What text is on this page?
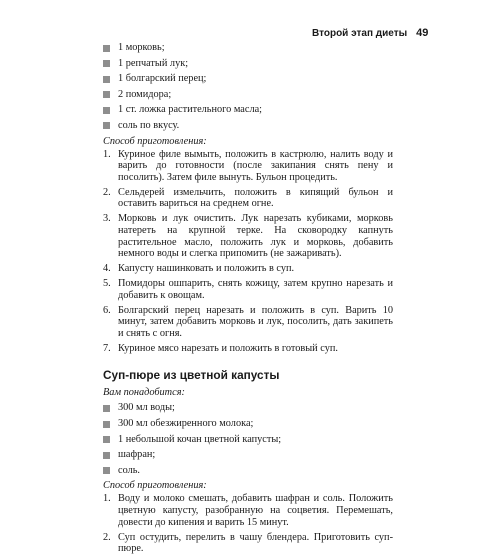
Второй этап диеты 49
1 морковь;
1 репчатый лук;
1 болгарский перец;
2 помидора;
1 ст. ложка растительного масла;
соль по вкусу.
Способ приготовления:
1. Куриное филе вымыть, положить в кастрюлю, налить воду и варить до готовности (после закипания снять пену и посолить). Затем филе вынуть. Бульон процедить.
2. Сельдерей измельчить, положить в кипящий бульон и оставить вариться на среднем огне.
3. Морковь и лук очистить. Лук нарезать кубиками, морковь натереть на крупной терке. На сковородку капнуть растительное масло, положить лук и морковь, добавить немного воды и слегка припомить (не зажаривать).
4. Капусту нашинковать и положить в суп.
5. Помидоры ошпарить, снять кожицу, затем крупно нарезать и добавить к овощам.
6. Болгарский перец нарезать и положить в суп. Варить 10 минут, затем добавить морковь и лук, посолить, дать закипеть и снять с огня.
7. Куриное мясо нарезать и положить в готовый суп.
Суп-пюре из цветной капусты
Вам понадобится:
300 мл воды;
300 мл обезжиренного молока;
1 небольшой кочан цветной капусты;
шафран;
соль.
Способ приготовления:
1. Воду и молоко смешать, добавить шафран и соль. Положить цветную капусту, разобранную на соцветия. Перемешать, довести до кипения и варить 15 минут.
2. Суп остудить, перелить в чашу блендера. Приготовить суп-пюре.
